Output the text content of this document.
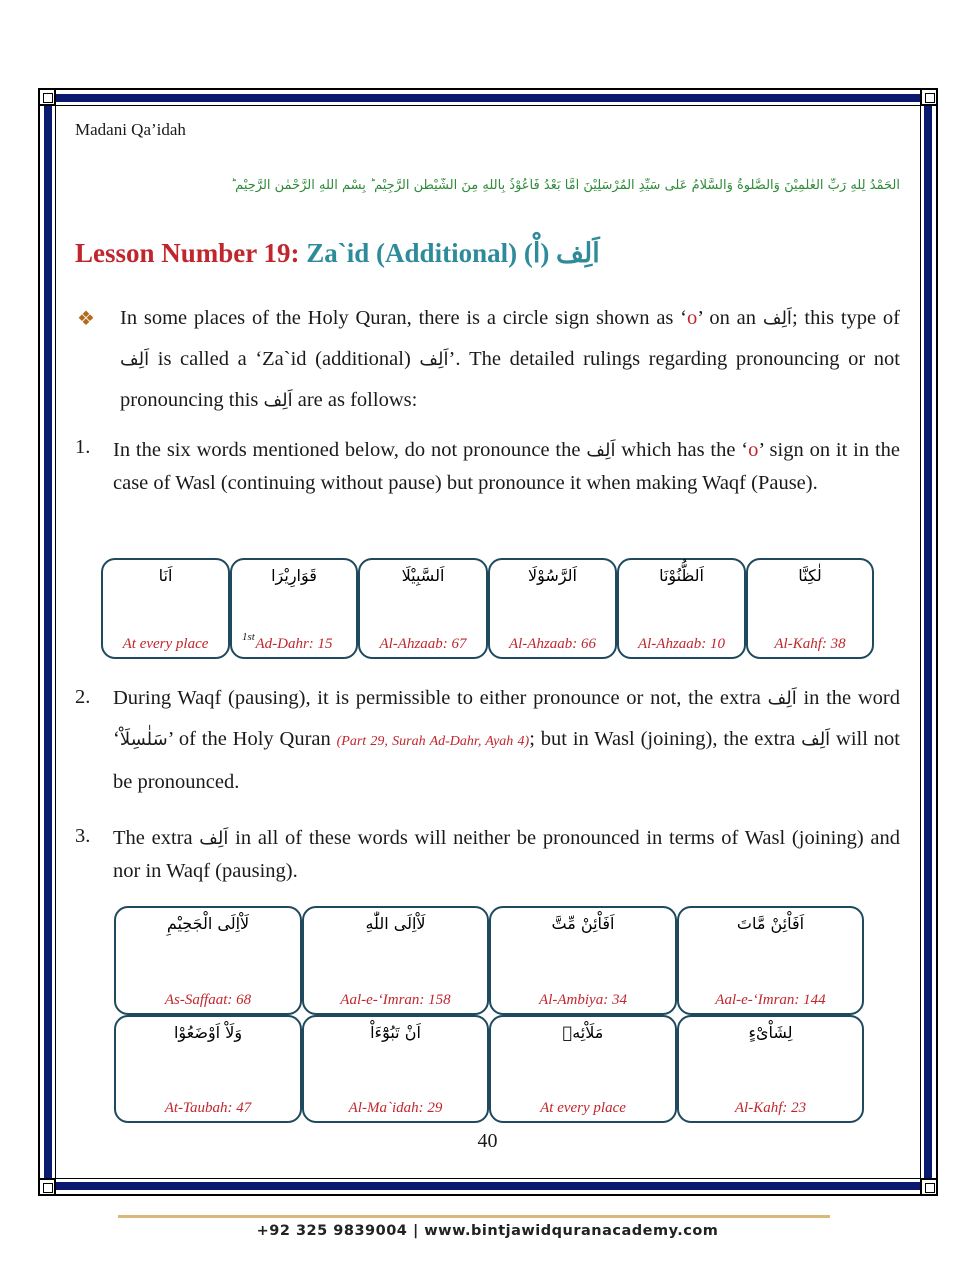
Madani Qa’idah
اَلْحَمْدُ لِلّٰهِ رَبِّ الْعٰلَمِیْنَ وَالصَّلٰوةُ وَالسَّلَامُ عَلٰی سَیِّدِ الْمُرْسَلِیْنَ اَمَّا بَعْدُ فَاَعُوْذُ بِاللّٰهِ مِنَ الشَّیْطٰنِ الرَّجِیْمِ ؕ بِسْمِ اللّٰهِ الرَّحْمٰنِ الرَّحِیْمِ ؕ
Lesson Number 19: Za`id (Additional) اَلِف (اْ)
❖ In some places of the Holy Quran, there is a circle sign shown as ‘o’ on an اَلِف; this type of اَلِف is called a ‘Za`id (additional) اَلِف’. The detailed rulings regarding pronouncing or not pronouncing this اَلِف are as follows:
1. In the six words mentioned below, do not pronounce the اَلِف which has the ‘o’ sign on it in the case of Wasl (continuing without pause) but pronounce it when making Waqf (Pause).
اَنَا
At every place
قَوَارِيْرَا
Ad-Dahr: 15
1st
اَلسَّبِيْلَا
Al-Ahzaab: 67
اَلرَّسُوْلَا
Al-Ahzaab: 66
اَلظُّنُوْنَا
Al-Ahzaab: 10
لٰكِنَّا
Al-Kahf: 38
2. During Waqf (pausing), it is permissible to either pronounce or not, the extra اَلِف in the word ‘سَلٰسِلَاْ’ of the Holy Quran (Part 29, Surah Ad-Dahr, Ayah 4); but in Wasl (joining), the extra اَلِف will not be pronounced.
3. The extra اَلِف in all of these words will neither be pronounced in terms of Wasl (joining) and nor in Waqf (pausing).
لَاْاِلَى الْجَحِيْمِ
As-Saffaat: 68
لَاْاِلَى اللّٰهِ
Aal-e-‘Imran: 158
اَفَاْئِنْ مِّتَّ
Al-Ambiya: 34
اَفَاْئِنْ مَّاتَ
Aal-e-‘Imran: 144
وَلَاْ اَوْضَعُوْا
At-Taubah: 47
اَنْ تَبُوْٓءَاْ
Al-Ma`idah: 29
مَلَاْئِهٖ
At every place
لِشَاْیْءٍ
Al-Kahf: 23
40
+92 325 9839004 | www.bintjawidquranacademy.com
